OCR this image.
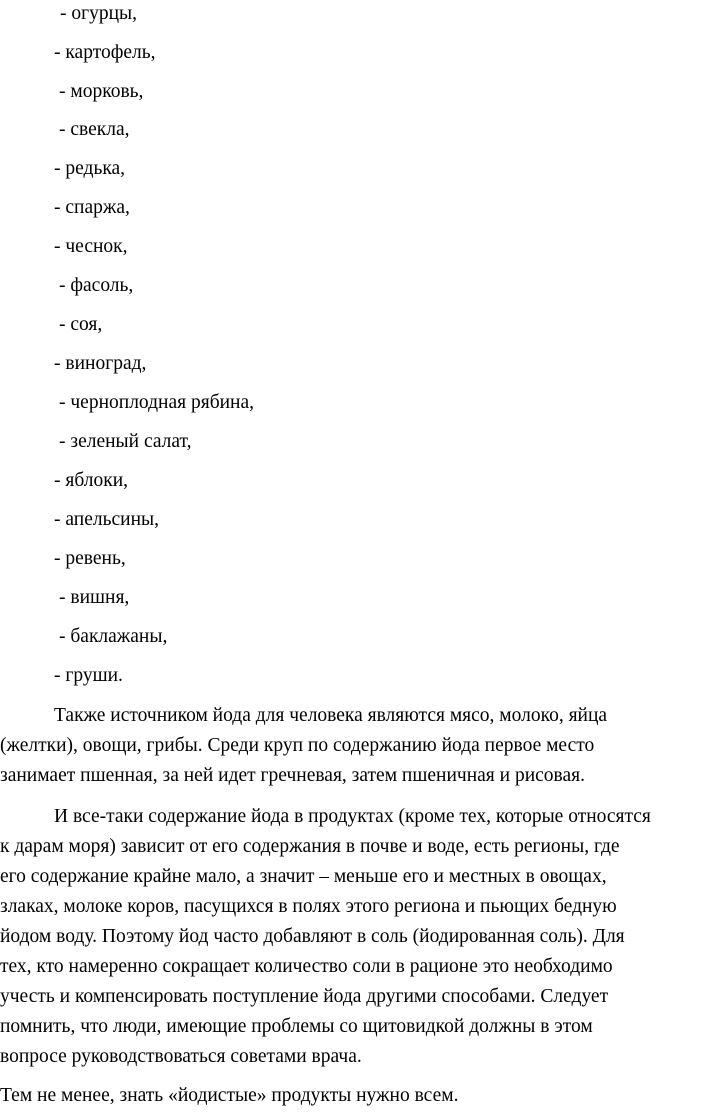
- огурцы,
- картофель,
- морковь,
- свекла,
- редька,
- спаржа,
- чеснок,
- фасоль,
- соя,
- виноград,
- черноплодная рябина,
- зеленый салат,
- яблоки,
- апельсины,
- ревень,
- вишня,
- баклажаны,
- груши.
Также источником йода для человека являются мясо, молоко, яйца
(желтки), овощи, грибы. Среди круп по содержанию йода первое место
занимает пшенная, за ней идет гречневая, затем пшеничная и рисовая.
И все-таки содержание йода в продуктах (кроме тех, которые относятся
к дарам моря) зависит от его содержания в почве и воде, есть регионы, где
его содержание крайне мало, а значит – меньше его и местных в овощах,
злаках, молоке коров, пасущихся в полях этого региона и пьющих бедную
йодом воду. Поэтому йод часто добавляют в соль (йодированная соль). Для
тех, кто намеренно сокращает количество соли в рационе это необходимо
учесть и компенсировать поступление йода другими способами. Следует
помнить, что люди, имеющие проблемы со щитовидкой должны в этом
вопросе руководствоваться советами врача.
Тем не менее, знать «йодистые» продукты нужно всем.
